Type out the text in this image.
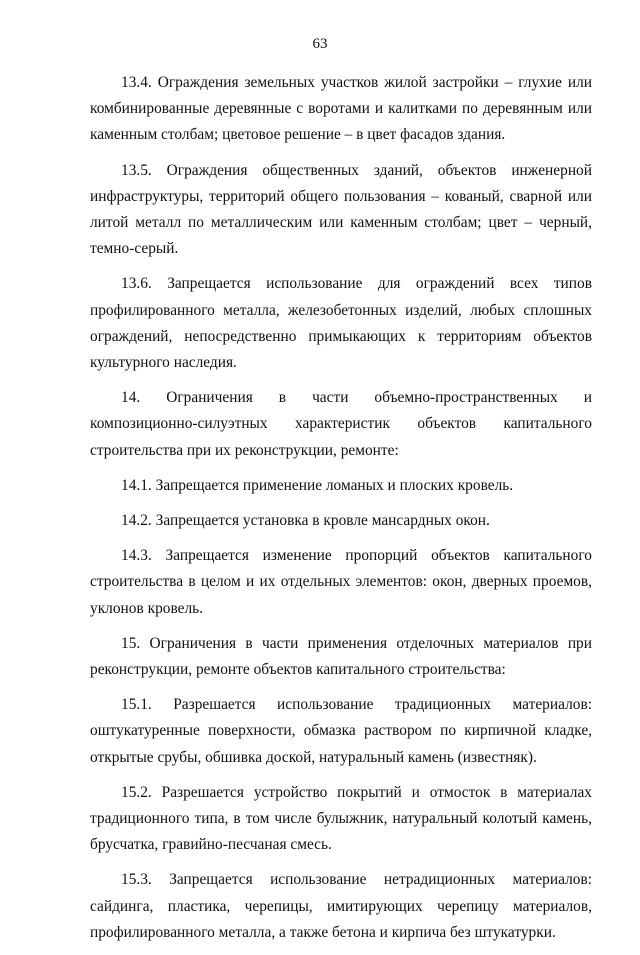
63

13.4. Ограждения земельных участков жилой застройки – глухие или комбинированные деревянные с воротами и калитками по деревянным или каменным столбам; цветовое решение – в цвет фасадов здания.

13.5. Ограждения общественных зданий, объектов инженерной инфраструктуры, территорий общего пользования – кованый, сварной или литой металл по металлическим или каменным столбам; цвет – черный, темно-серый.

13.6. Запрещается использование для ограждений всех типов профилированного металла, железобетонных изделий, любых сплошных ограждений, непосредственно примыкающих к территориям объектов культурного наследия.

14. Ограничения в части объемно-пространственных и композиционно-силуэтных характеристик объектов капитального строительства при их реконструкции, ремонте:

14.1. Запрещается применение ломаных и плоских кровель.

14.2. Запрещается установка в кровле мансардных окон.

14.3. Запрещается изменение пропорций объектов капитального строительства в целом и их отдельных элементов: окон, дверных проемов, уклонов кровель.

15. Ограничения в части применения отделочных материалов при реконструкции, ремонте объектов капитального строительства:

15.1. Разрешается использование традиционных материалов: оштукатуренные поверхности, обмазка раствором по кирпичной кладке, открытые срубы, обшивка доской, натуральный камень (известняк).

15.2. Разрешается устройство покрытий и отмосток в материалах традиционного типа, в том числе булыжник, натуральный колотый камень, брусчатка, гравийно-песчаная смесь.

15.3. Запрещается использование нетрадиционных материалов: сайдинга, пластика, черепицы, имитирующих черепицу материалов, профилированного металла, а также бетона и кирпича без штукатурки.
